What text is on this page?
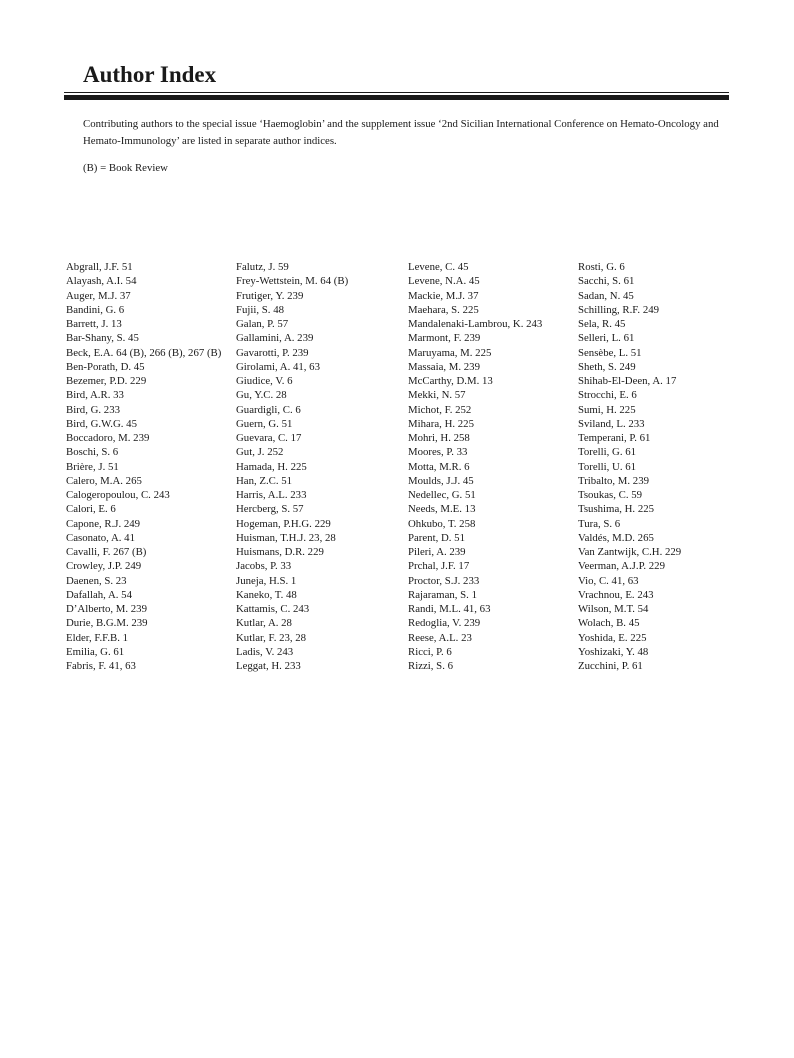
Author Index

Contributing authors to the special issue ‘Haemoglobin’ and the supplement issue ‘2nd Sicilian International Conference on Hemato-Oncology and Hemato-Immunology’ are listed in separate author indices.

(B) = Book Review

Abgrall, J.F. 51
Alayash, A.I. 54
Auger, M.J. 37
Bandini, G. 6
Barrett, J. 13
Bar-Shany, S. 45
Beck, E.A. 64 (B), 266 (B), 267 (B)
Ben-Porath, D. 45
Bezemer, P.D. 229
Bird, A.R. 33
Bird, G. 233
Bird, G.W.G. 45
Boccadoro, M. 239
Boschi, S. 6
Brière, J. 51
Calero, M.A. 265
Calogeropoulou, C. 243
Calori, E. 6
Capone, R.J. 249
Casonato, A. 41
Cavalli, F. 267 (B)
Crowley, J.P. 249
Daenen, S. 23
Dafallah, A. 54
D’Alberto, M. 239
Durie, B.G.M. 239
Elder, F.F.B. 1
Emilia, G. 61
Fabris, F. 41, 63
Falutz, J. 59
Frey-Wettstein, M. 64 (B)
Frutiger, Y. 239
Fujii, S. 48
Galan, P. 57
Gallamini, A. 239
Gavarotti, P. 239
Girolami, A. 41, 63
Giudice, V. 6
Gu, Y.C. 28
Guardigli, C. 6
Guern, G. 51
Guevara, C. 17
Gut, J. 252
Hamada, H. 225
Han, Z.C. 51
Harris, A.L. 233
Hercberg, S. 57
Hogeman, P.H.G. 229
Huisman, T.H.J. 23, 28
Huismans, D.R. 229
Jacobs, P. 33
Juneja, H.S. 1
Kaneko, T. 48
Kattamis, C. 243
Kutlar, A. 28
Kutlar, F. 23, 28
Ladis, V. 243
Leggat, H. 233
Levene, C. 45
Levene, N.A. 45
Mackie, M.J. 37
Maehara, S. 225
Mandalenaki-Lambrou, K. 243
Marmont, F. 239
Maruyama, M. 225
Massaia, M. 239
McCarthy, D.M. 13
Mekki, N. 57
Michot, F. 252
Mihara, H. 225
Mohri, H. 258
Moores, P. 33
Motta, M.R. 6
Moulds, J.J. 45
Nedellec, G. 51
Needs, M.E. 13
Ohkubo, T. 258
Parent, D. 51
Pileri, A. 239
Prchal, J.F. 17
Proctor, S.J. 233
Rajaraman, S. 1
Randi, M.L. 41, 63
Redoglia, V. 239
Reese, A.L. 23
Ricci, P. 6
Rizzi, S. 6
Rosti, G. 6
Sacchi, S. 61
Sadan, N. 45
Schilling, R.F. 249
Sela, R. 45
Selleri, L. 61
Sensèbe, L. 51
Sheth, S. 249
Shihab-El-Deen, A. 17
Strocchi, E. 6
Sumi, H. 225
Sviland, L. 233
Temperani, P. 61
Torelli, G. 61
Torelli, U. 61
Tribalto, M. 239
Tsoukas, C. 59
Tsushima, H. 225
Tura, S. 6
Valdés, M.D. 265
Van Zantwijk, C.H. 229
Veerman, A.J.P. 229
Vio, C. 41, 63
Vrachnou, E. 243
Wilson, M.T. 54
Wolach, B. 45
Yoshida, E. 225
Yoshizaki, Y. 48
Zucchini, P. 61
